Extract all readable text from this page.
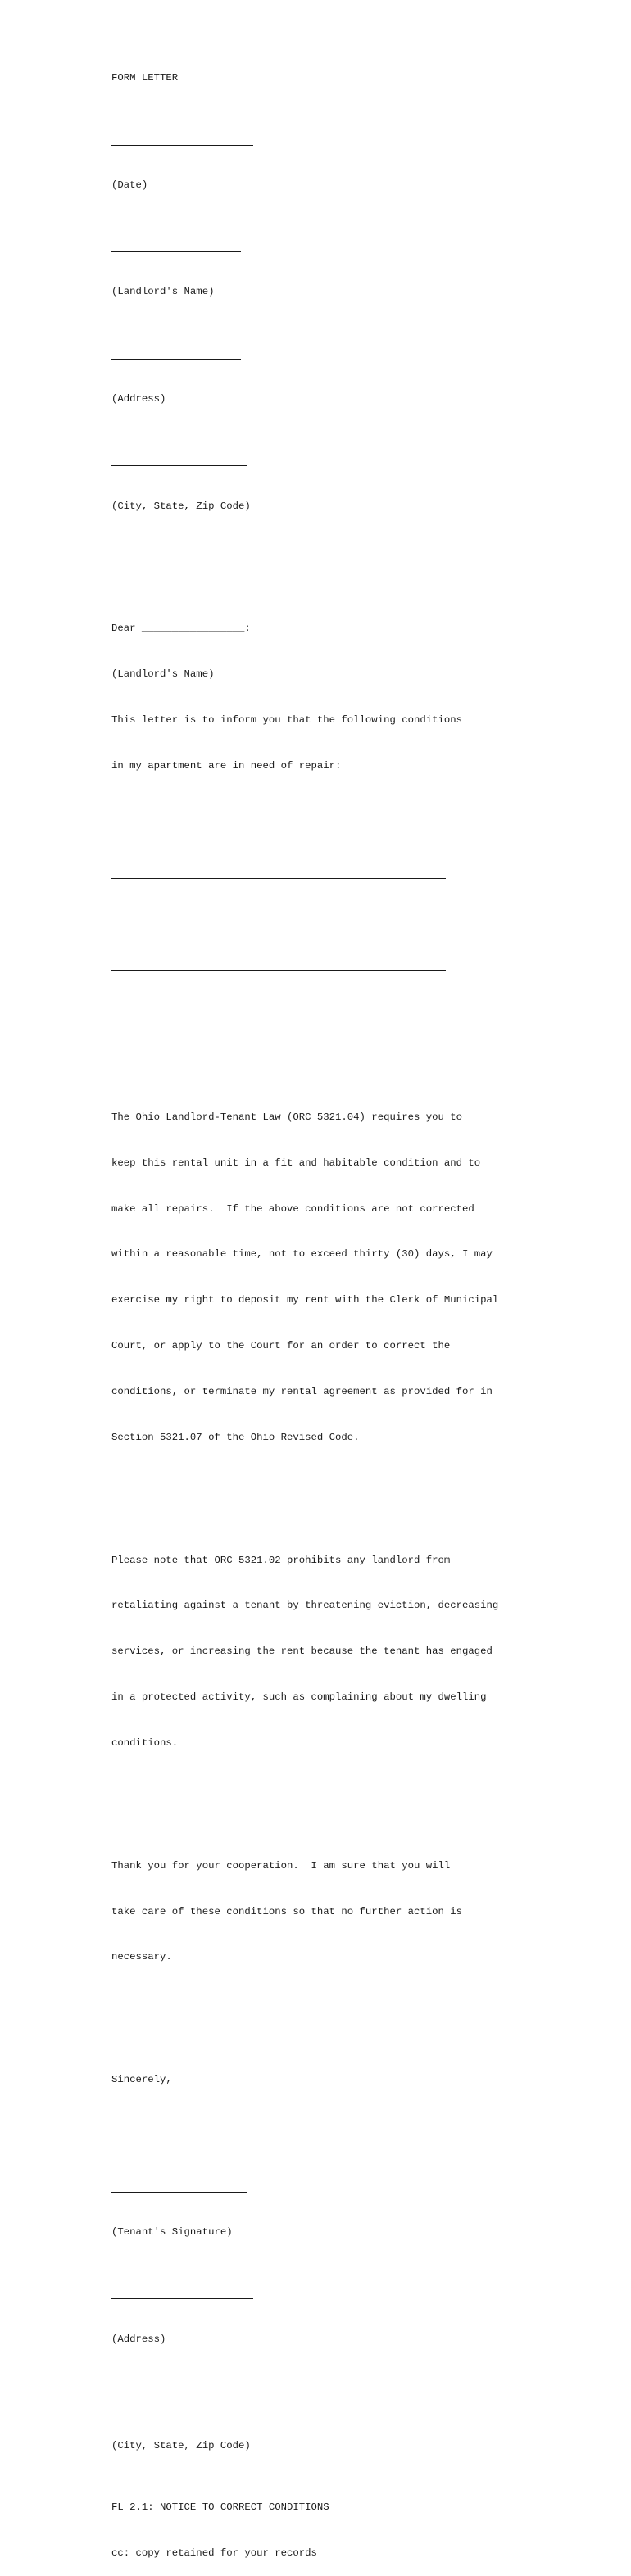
FORM LETTER

(Date)

(Landlord's Name)

(Address)

(City, State, Zip Code)

Dear _________________:

(Landlord's Name)

This letter is to inform you that the following conditions

in my apartment are in need of repair:

The Ohio Landlord-Tenant Law (ORC 5321.04) requires you to

keep this rental unit in a fit and habitable condition and to

make all repairs.  If the above conditions are not corrected

within a reasonable time, not to exceed thirty (30) days, I may

exercise my right to deposit my rent with the Clerk of Municipal

Court, or apply to the Court for an order to correct the

conditions, or terminate my rental agreement as provided for in

Section 5321.07 of the Ohio Revised Code.

Please note that ORC 5321.02 prohibits any landlord from

retaliating against a tenant by threatening eviction, decreasing

services, or increasing the rent because the tenant has engaged

in a protected activity, such as complaining about my dwelling

conditions.

Thank you for your cooperation.  I am sure that you will

take care of these conditions so that no further action is

necessary.

Sincerely,

(Tenant's Signature)

(Address)

(City, State, Zip Code)

FL 2.1: NOTICE TO CORRECT CONDITIONS

cc: copy retained for your records
